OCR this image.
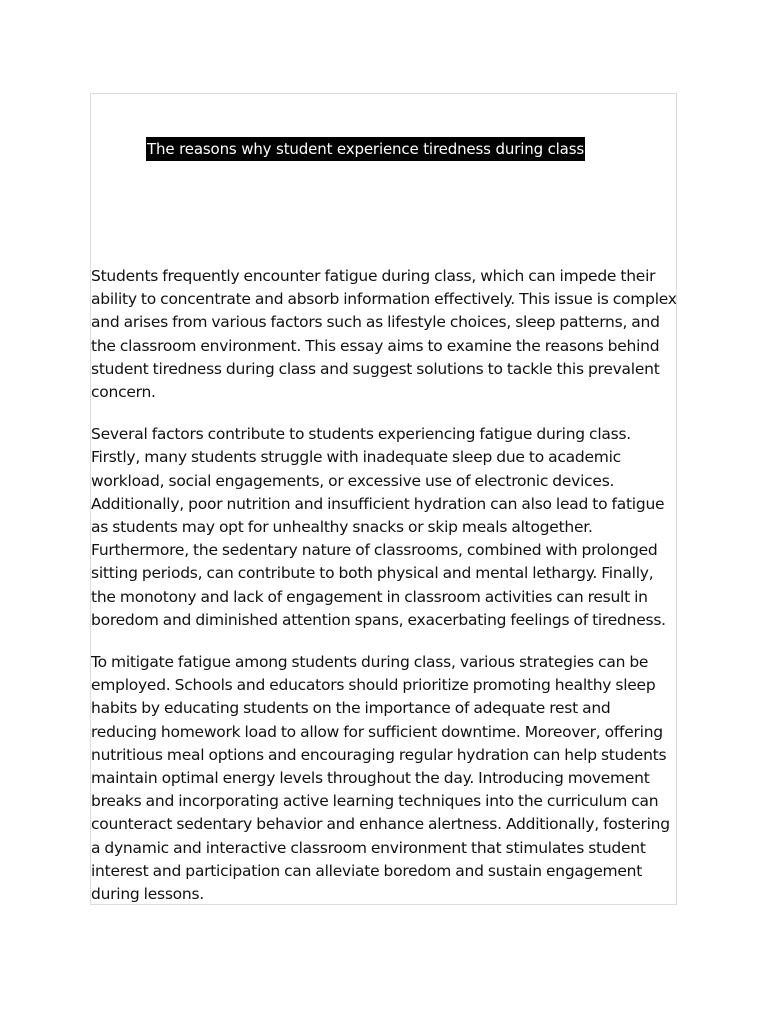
The reasons why student experience tiredness during class

Students frequently encounter fatigue during class, which can impede their ability to concentrate and absorb information effectively. This issue is complex and arises from various factors such as lifestyle choices, sleep patterns, and the classroom environment. This essay aims to examine the reasons behind student tiredness during class and suggest solutions to tackle this prevalent concern.

Several factors contribute to students experiencing fatigue during class. Firstly, many students struggle with inadequate sleep due to academic workload, social engagements, or excessive use of electronic devices. Additionally, poor nutrition and insufficient hydration can also lead to fatigue as students may opt for unhealthy snacks or skip meals altogether. Furthermore, the sedentary nature of classrooms, combined with prolonged sitting periods, can contribute to both physical and mental lethargy. Finally, the monotony and lack of engagement in classroom activities can result in boredom and diminished attention spans, exacerbating feelings of tiredness.

To mitigate fatigue among students during class, various strategies can be employed. Schools and educators should prioritize promoting healthy sleep habits by educating students on the importance of adequate rest and reducing homework load to allow for sufficient downtime. Moreover, offering nutritious meal options and encouraging regular hydration can help students maintain optimal energy levels throughout the day. Introducing movement breaks and incorporating active learning techniques into the curriculum can counteract sedentary behavior and enhance alertness. Additionally, fostering a dynamic and interactive classroom environment that stimulates student interest and participation can alleviate boredom and sustain engagement during lessons.
